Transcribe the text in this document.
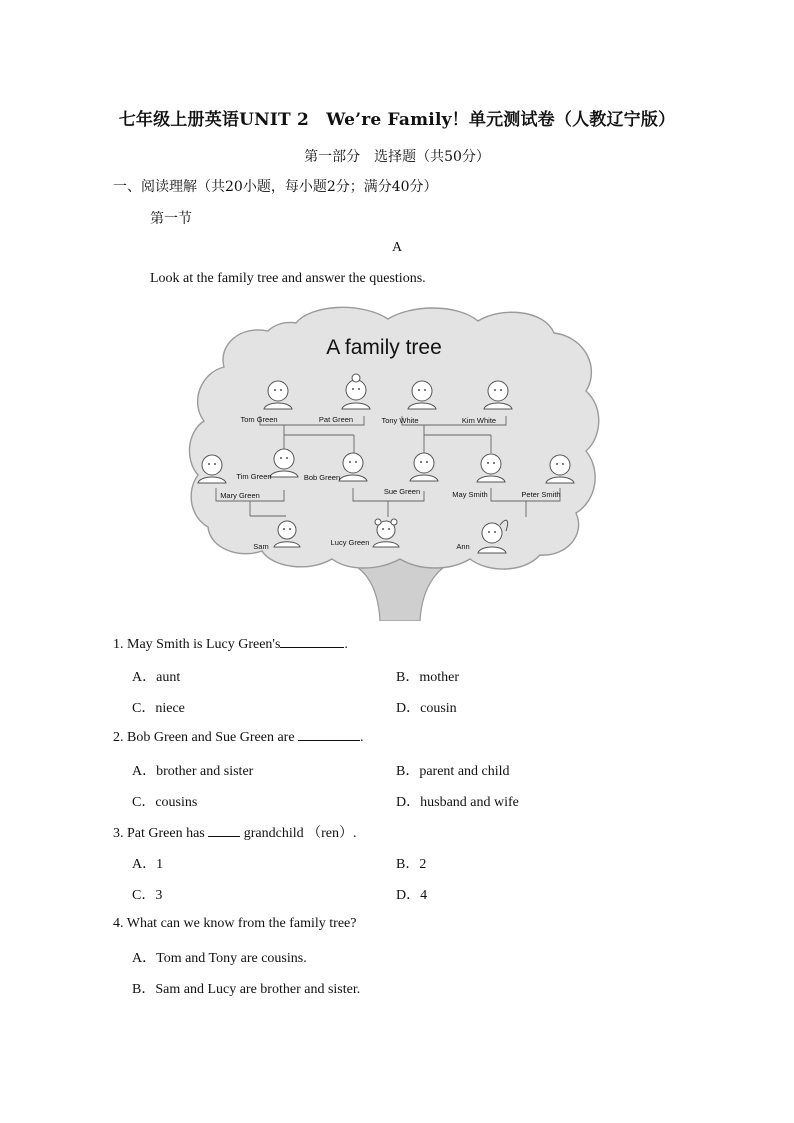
七年级上册英语UNIT 2　We’re Family！单元测试卷（人教辽宁版）
第一部分　选择题（共50分）
一、阅读理解（共20小题，每小题2分；满分40分）
第一节
A
Look at the family tree and answer the questions.
A family tree
Tom Green	Pat Green	Tony White	Kim White
Tim Green	Bob Green
Mary Green	Sue Green	May Smith	Peter Smith
Sam	Lucy Green	Ann
1. May Smith is Lucy Green's	.
A．aunt	B．mother
C．niece	D．cousin
2. Bob Green and Sue Green are	.
A．brother and sister	B．parent and child
C．cousins	D．husband and wife
3. Pat Green has	grandchild （ren）.
A．1	B．2
C．3	D．4
4. What can we know from the family tree?
A．Tom and Tony are cousins.
B．Sam and Lucy are brother and sister.
